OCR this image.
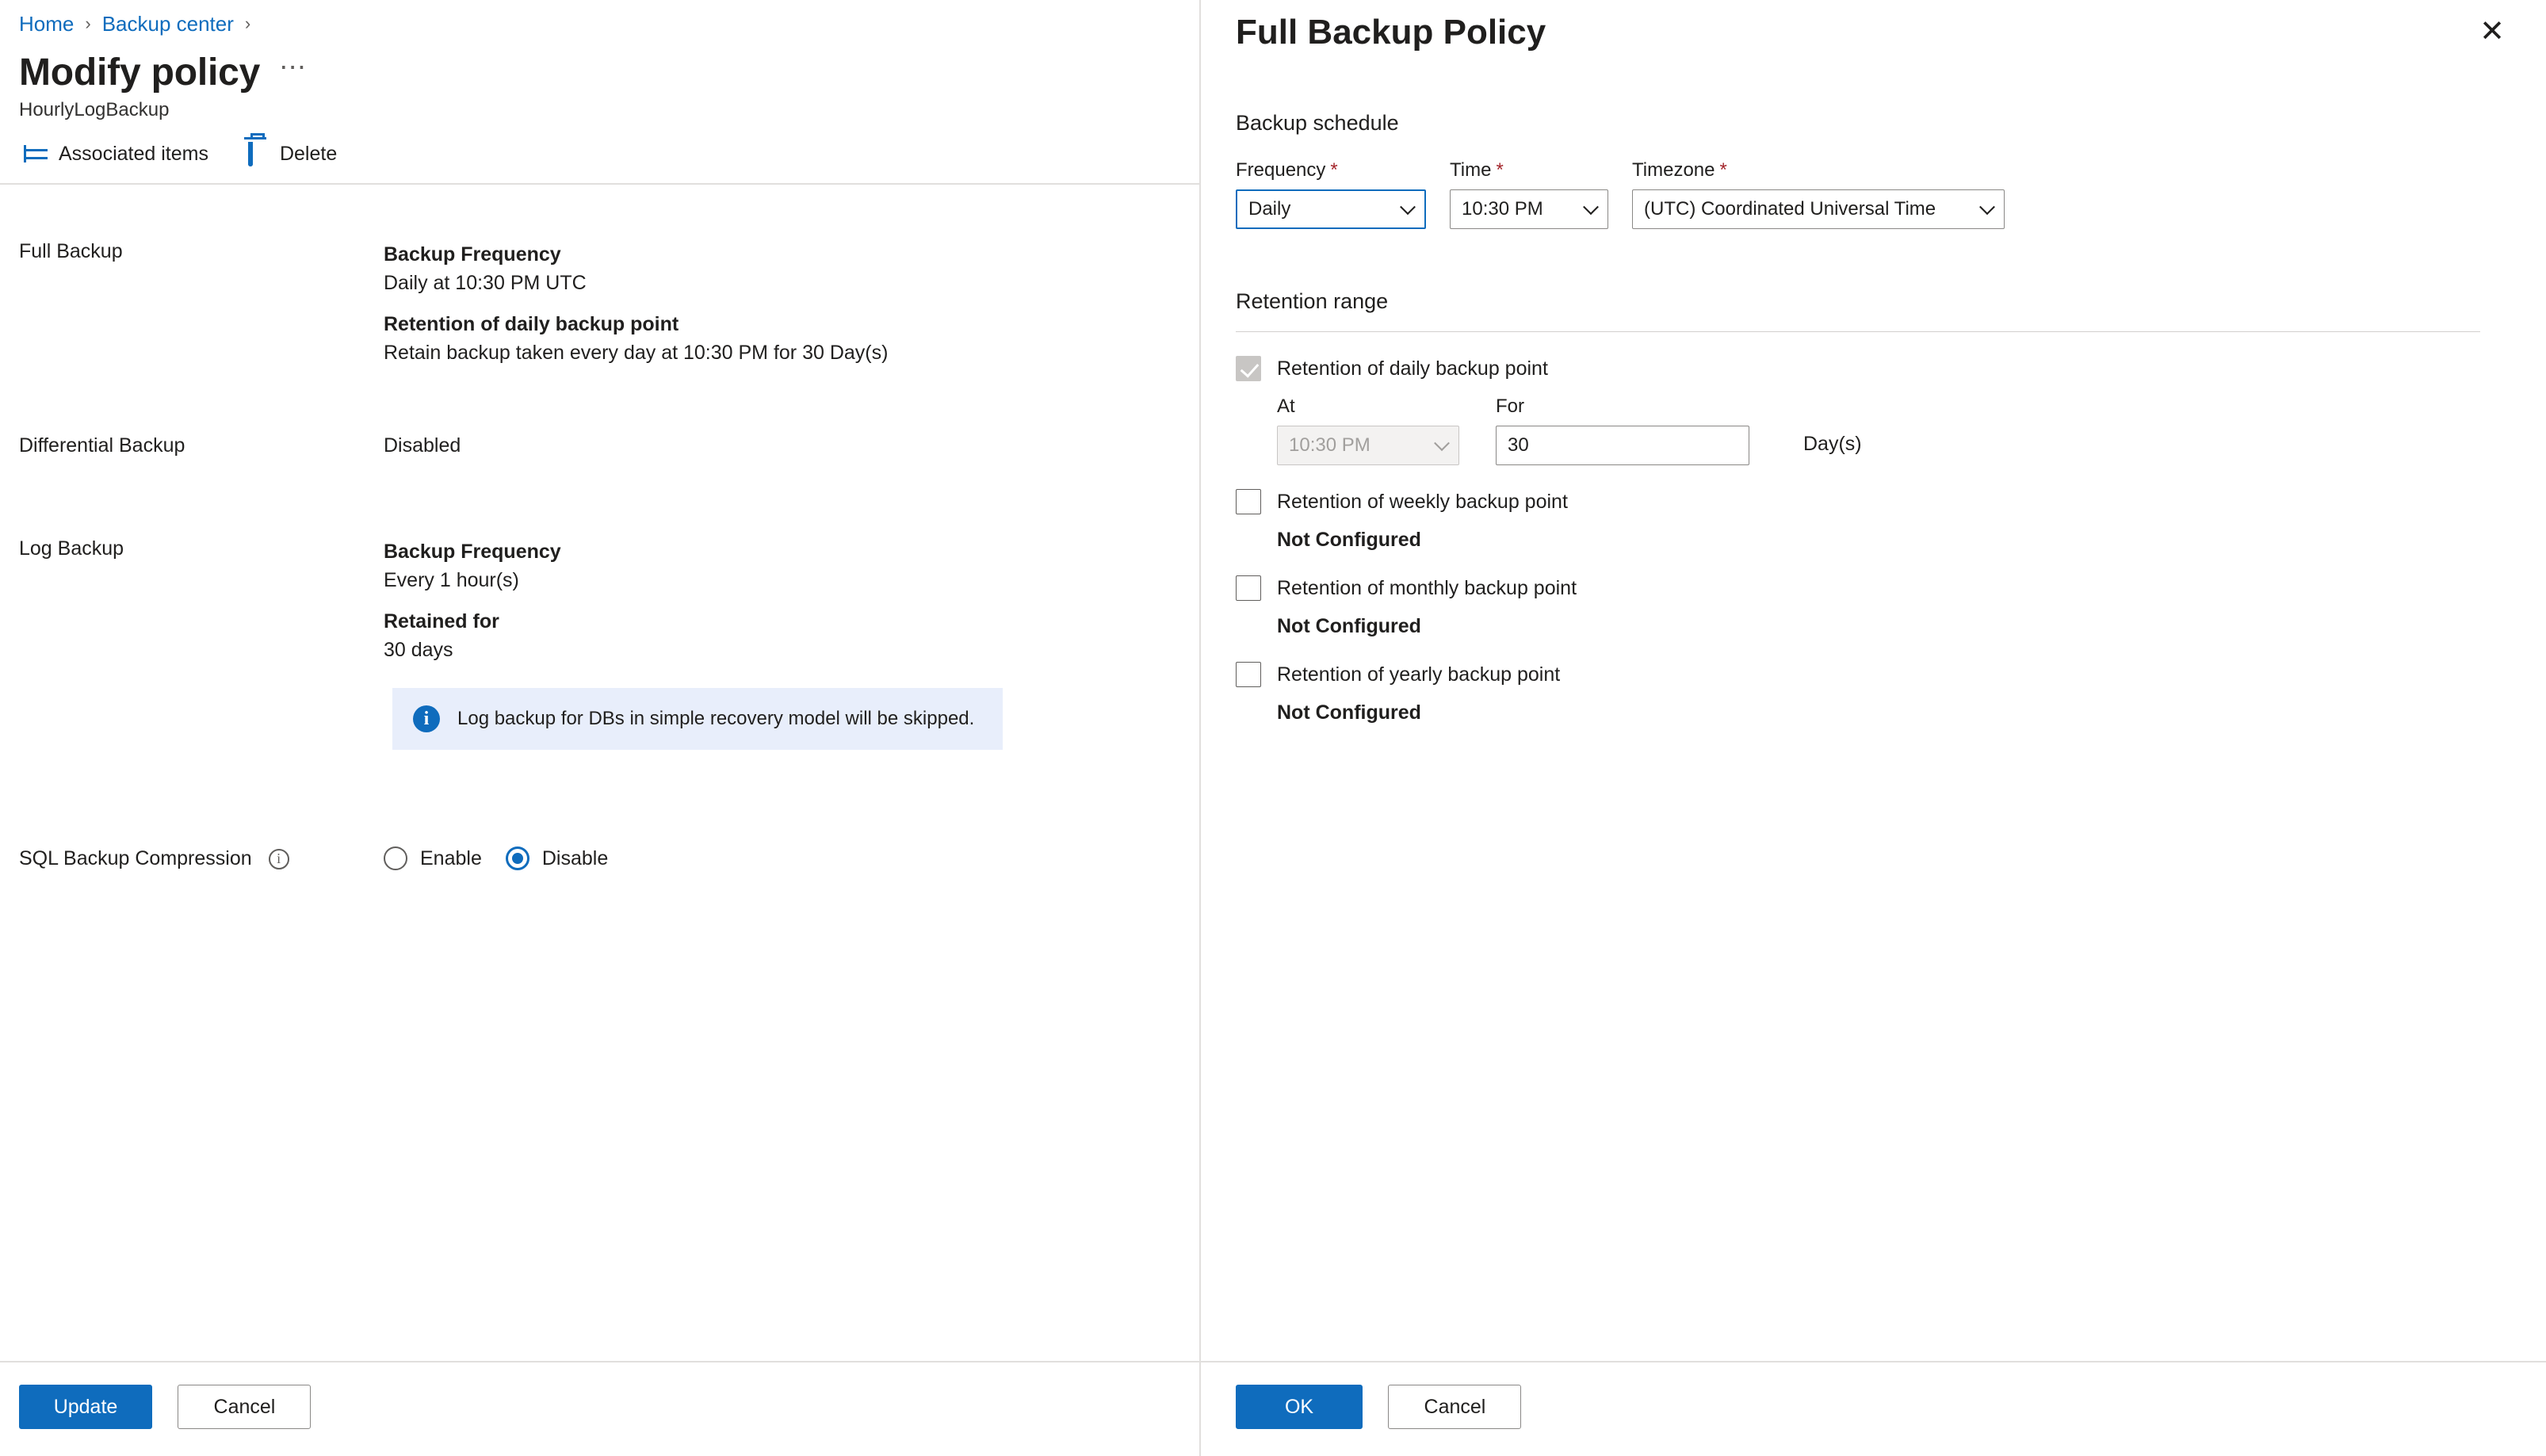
Home › Backup center ›
Modify policy ⋯
HourlyLogBackup
Associated items	Delete
Full Backup	Backup Frequency
Daily at 10:30 PM UTC
Retention of daily backup point
Retain backup taken every day at 10:30 PM for 30 Day(s)
Differential Backup	Disabled
Log Backup	Backup Frequency
Every 1 hour(s)
Retained for
30 days
i	Log backup for DBs in simple recovery model will be skipped.
SQL Backup Compression i	Enable	Disable
Update	Cancel
Full Backup Policy	✕
Backup schedule
Frequency *
Daily
Time *
10:30 PM
Timezone *
(UTC) Coordinated Universal Time
Retention range
Retention of daily backup point
At
10:30 PM
For
30
Day(s)
Retention of weekly backup point
Not Configured
Retention of monthly backup point
Not Configured
Retention of yearly backup point
Not Configured
OK	Cancel
